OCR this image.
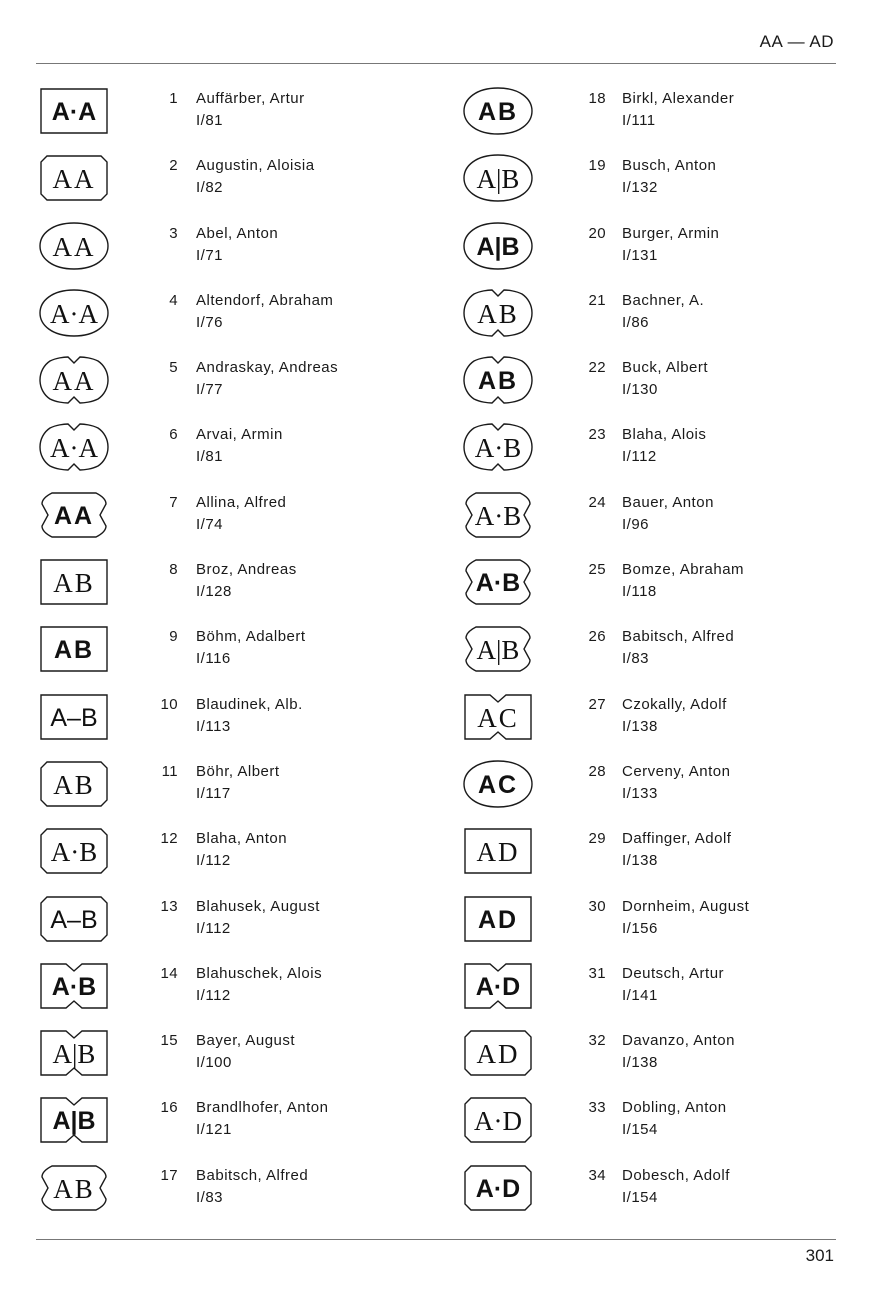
AA — AD
A·A	1 Auffärber, Artur
I/81
AA	2 Augustin, Aloisia
I/82
AA	3 Abel, Anton
I/71
A·A	4 Altendorf, Abraham
I/76
AA	5 Andraskay, Andreas
I/77
A·A	6 Arvai, Armin
I/81
AA	7 Allina, Alfred
I/74
AB	8 Broz, Andreas
I/128
AB	9 Böhm, Adalbert
I/116
A–B	10 Blaudinek, Alb.
I/113
AB	11 Böhr, Albert
I/117
A·B	12 Blaha, Anton
I/112
A–B	13 Blahusek, August
I/112
A·B	14 Blahuschek, Alois
I/112
A|B	15 Bayer, August
I/100
A|B	16 Brandlhofer, Anton
I/121
AB	17 Babitsch, Alfred
I/83
AB	18 Birkl, Alexander
I/111
A|B	19 Busch, Anton
I/132
A|B	20 Burger, Armin
I/131
AB	21 Bachner, A.
I/86
AB	22 Buck, Albert
I/130
A·B	23 Blaha, Alois
I/112
A·B	24 Bauer, Anton
I/96
A·B	25 Bomze, Abraham
I/118
A|B	26 Babitsch, Alfred
I/83
AC	27 Czokally, Adolf
I/138
AC	28 Cerveny, Anton
I/133
AD	29 Daffinger, Adolf
I/138
AD	30 Dornheim, August
I/156
A·D	31 Deutsch, Artur
I/141
AD	32 Davanzo, Anton
I/138
A·D	33 Dobling, Anton
I/154
A·D	34 Dobesch, Adolf
I/154
301
